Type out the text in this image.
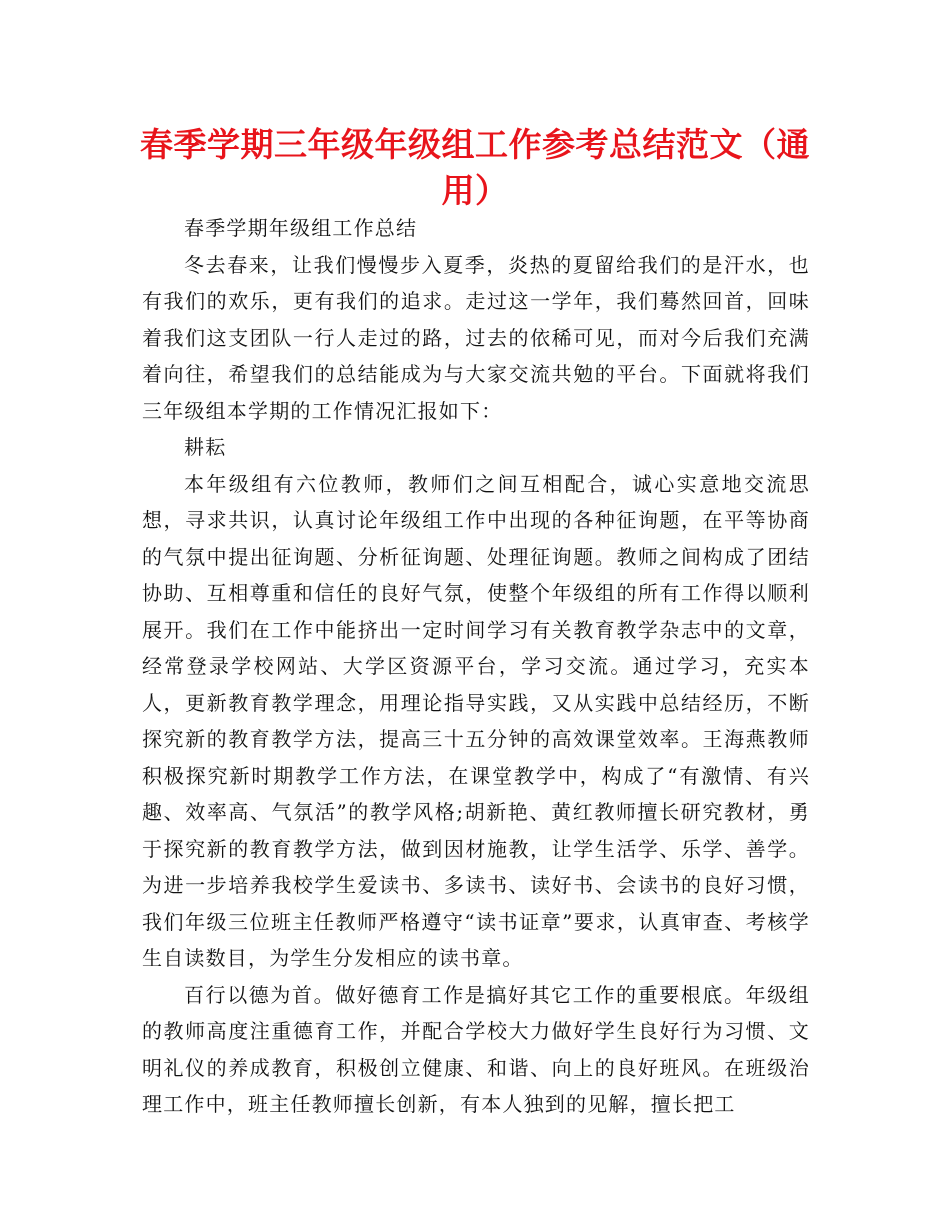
春季学期三年级年级组工作参考总结范文（通用）

春季学期年级组工作总结

冬去春来，让我们慢慢步入夏季，炎热的夏留给我们的是汗水，也有我们的欢乐，更有我们的追求。走过这一学年，我们蓦然回首，回味着我们这支团队一行人走过的路，过去的依稀可见，而对今后我们充满着向往，希望我们的总结能成为与大家交流共勉的平台。下面就将我们三年级组本学期的工作情况汇报如下：

耕耘

本年级组有六位教师，教师们之间互相配合，诚心实意地交流思想，寻求共识，认真讨论年级组工作中出现的各种征询题，在平等协商的气氛中提出征询题、分析征询题、处理征询题。教师之间构成了团结协助、互相尊重和信任的良好气氛，使整个年级组的所有工作得以顺利展开。我们在工作中能挤出一定时间学习有关教育教学杂志中的文章，经常登录学校网站、大学区资源平台，学习交流。通过学习，充实本人，更新教育教学理念，用理论指导实践，又从实践中总结经历，不断探究新的教育教学方法，提高三十五分钟的高效课堂效率。王海燕教师积极探究新时期教学工作方法，在课堂教学中，构成了“有激情、有兴趣、效率高、气氛活”的教学风格;胡新艳、黄红教师擅长研究教材，勇于探究新的教育教学方法，做到因材施教，让学生活学、乐学、善学。为进一步培养我校学生爱读书、多读书、读好书、会读书的良好习惯，我们年级三位班主任教师严格遵守“读书证章”要求，认真审查、考核学生自读数目，为学生分发相应的读书章。

百行以德为首。做好德育工作是搞好其它工作的重要根底。年级组的教师高度注重德育工作，并配合学校大力做好学生良好行为习惯、文明礼仪的养成教育，积极创立健康、和谐、向上的良好班风。在班级治理工作中，班主任教师擅长创新，有本人独到的见解，擅长把工
